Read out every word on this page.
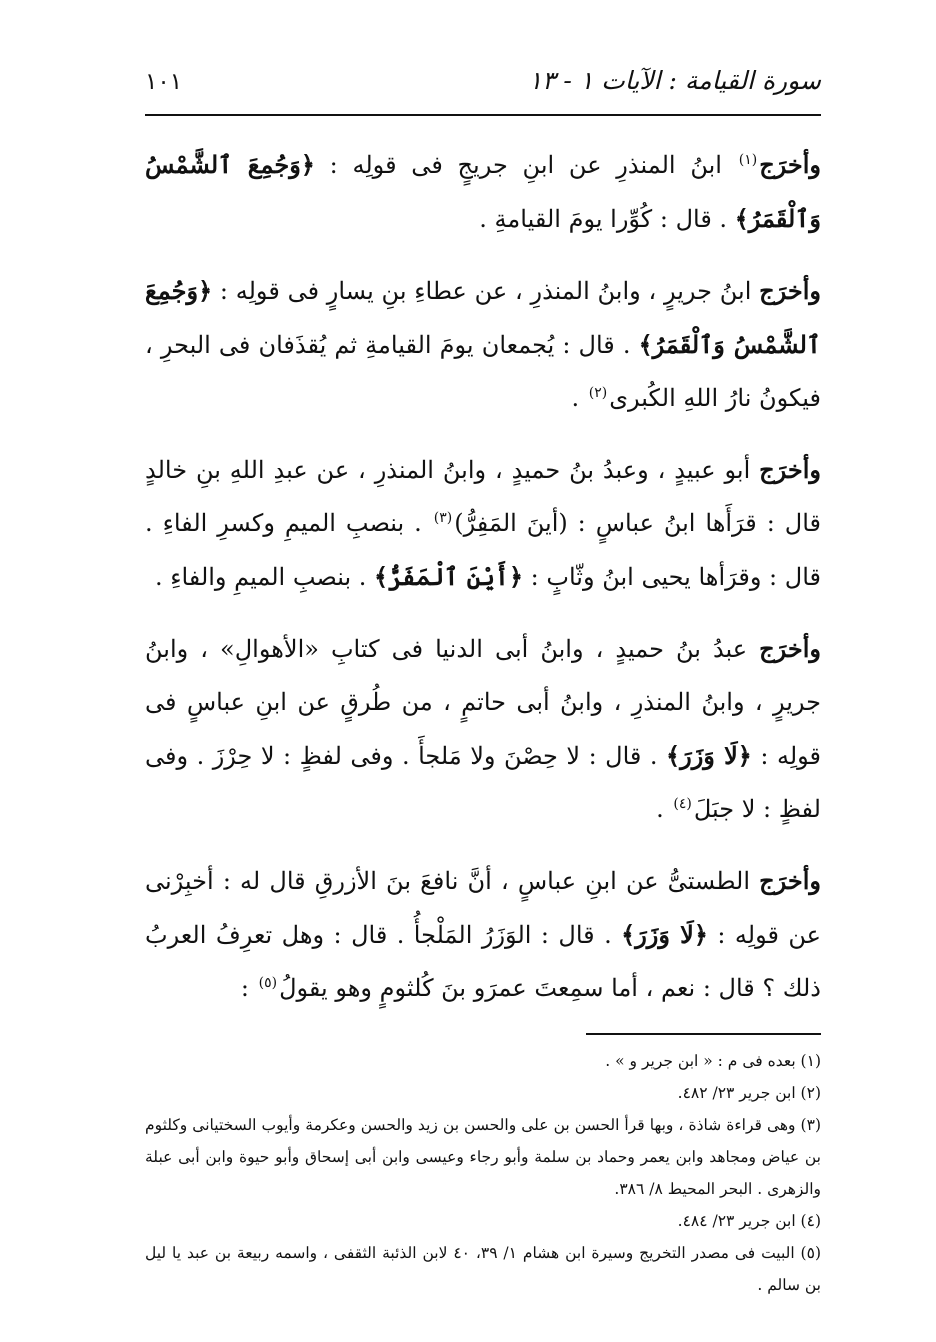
سورة القيامة : الآيات ١ - ١٣
١٠١

وأخرَج$^{(١)}$ ابنُ المنذرِ عن ابنِ جريجٍ فى قولِه : ﴿وَجُمِعَ ٱلشَّمْسُ وَٱلْقَمَرُ﴾ . قال : كُوِّرا يومَ القيامةِ .

وأخرَج ابنُ جريرٍ ، وابنُ المنذرِ ، عن عطاءِ بنِ يسارٍ فى قولِه : ﴿وَجُمِعَ ٱلشَّمْسُ وَٱلْقَمَرُ﴾ . قال : يُجمعان يومَ القيامةِ ثم يُقذَفان فى البحرِ ، فيكونُ نارُ اللهِ الكُبرى$^{(٢)}$ .

وأخرَج أبو عبيدٍ ، وعبدُ بنُ حميدٍ ، وابنُ المنذرِ ، عن عبدِ اللهِ بنِ خالدٍ قال : قرَأَها ابنُ عباسٍ : (أينَ المَفِرُّ)$^{(٣)}$ . بنصبِ الميمِ وكسرِ الفاءِ . قال : وقرَأها يحيى ابنُ وثّابٍ : ﴿أَيْنَ ٱلْمَفَرُّ﴾ . بنصبِ الميمِ والفاءِ .

وأخرَج عبدُ بنُ حميدٍ ، وابنُ أبى الدنيا فى كتابِ «الأهوالِ» ، وابنُ جريرٍ ، وابنُ المنذرِ ، وابنُ أبى حاتمٍ ، من طُرقٍ عن ابنِ عباسٍ فى قولِه : ﴿لَا وَزَرَ﴾ . قال : لا حِصْنَ ولا مَلجأَ . وفى لفظٍ : لا حِرْزَ . وفى لفظٍ : لا جبَلَ$^{(٤)}$ .

وأخرَج الطستىُّ عن ابنِ عباسٍ ، أنَّ نافعَ بنَ الأزرقِ قال له : أخبِرْنى عن قولِه : ﴿لَا وَزَرَ﴾ . قال : الوَزَرُ المَلْجأُ . قال : وهل تعرِفُ العربُ ذلك ؟ قال : نعم ، أما سمِعتَ عمرَو بنَ كُلثومٍ وهو يقولُ$^{(٥)}$ :

(١) بعده فى م : « ابن جرير و » .
(٢) ابن جرير ٢٣/ ٤٨٢.
(٣) وهى قراءة شاذة ، وبها قرأ الحسن بن على والحسن بن زيد والحسن وعكرمة وأيوب السختيانى وكلثوم بن عياض ومجاهد وابن يعمر وحماد بن سلمة وأبو رجاء وعيسى وابن أبى إسحاق وأبو حيوة وابن أبى عبلة والزهرى . البحر المحيط ٨/ ٣٨٦.
(٤) ابن جرير ٢٣/ ٤٨٤.
(٥) البيت فى مصدر التخريج وسيرة ابن هشام ١/ ٣٩، ٤٠ لابن الذئبة الثقفى ، واسمه ربيعة بن عبد يا ليل بن سالم .
